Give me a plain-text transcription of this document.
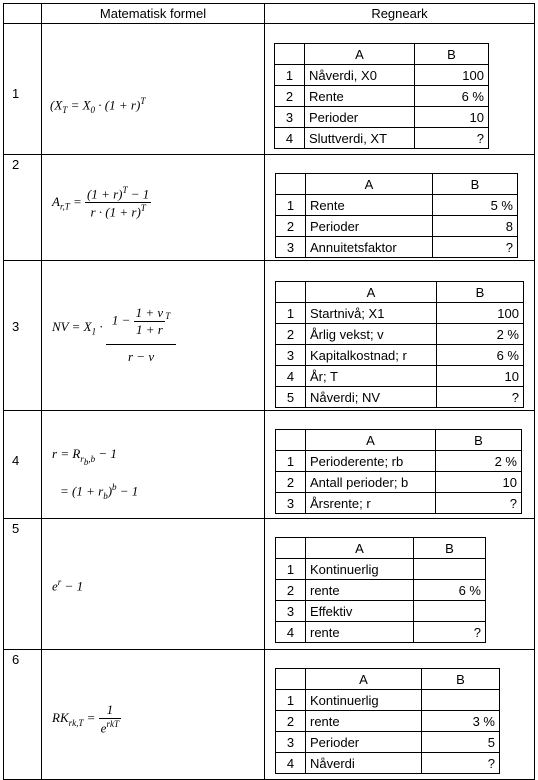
	Matematisk formel	Regneark

1

($X_T = X_0 \cdot (1 + r)^T$

	A	B
1	Nåverdi, X0	100
2	Rente	6 %
3	Perioder	10
4	Sluttverdi, XT	?

2

$A_{r,T} = \frac{(1 + r)^T - 1}{r \cdot (1 + r)^T}$

	A	B
1	Rente	5 %
2	Perioder	8
3	Annuitetsfaktor	?

3	NV = $X_1 \cdot \frac{1 - \frac{1 + v}{1 + r} ^T}{r - v}$

		A	B
1	Startnivå; X1	100
2	Årlig vekst; v	2 %
3	Kapitalkostnad; r	6 %
4	År; T	10
5	Nåverdi; NV	?

4	$r = R_{r_b,b} - 1$
= $(1 + r_b)^b - 1$

	A	B
1	Perioderente; rb	2 %
2	Antall perioder; b	10
3	Årsrente; r	?

5

$e^r - 1$

	A	B
1	Kontinuerlig	
2	rente	6 %
3	Effektiv	
4	rente	?

6

$RK_{rk,T} = \frac{1}{e^{rkT}}$

	A	B
1	Kontinuerlig	
2	rente	3 %
3	Perioder	5
4	Nåverdi	?
